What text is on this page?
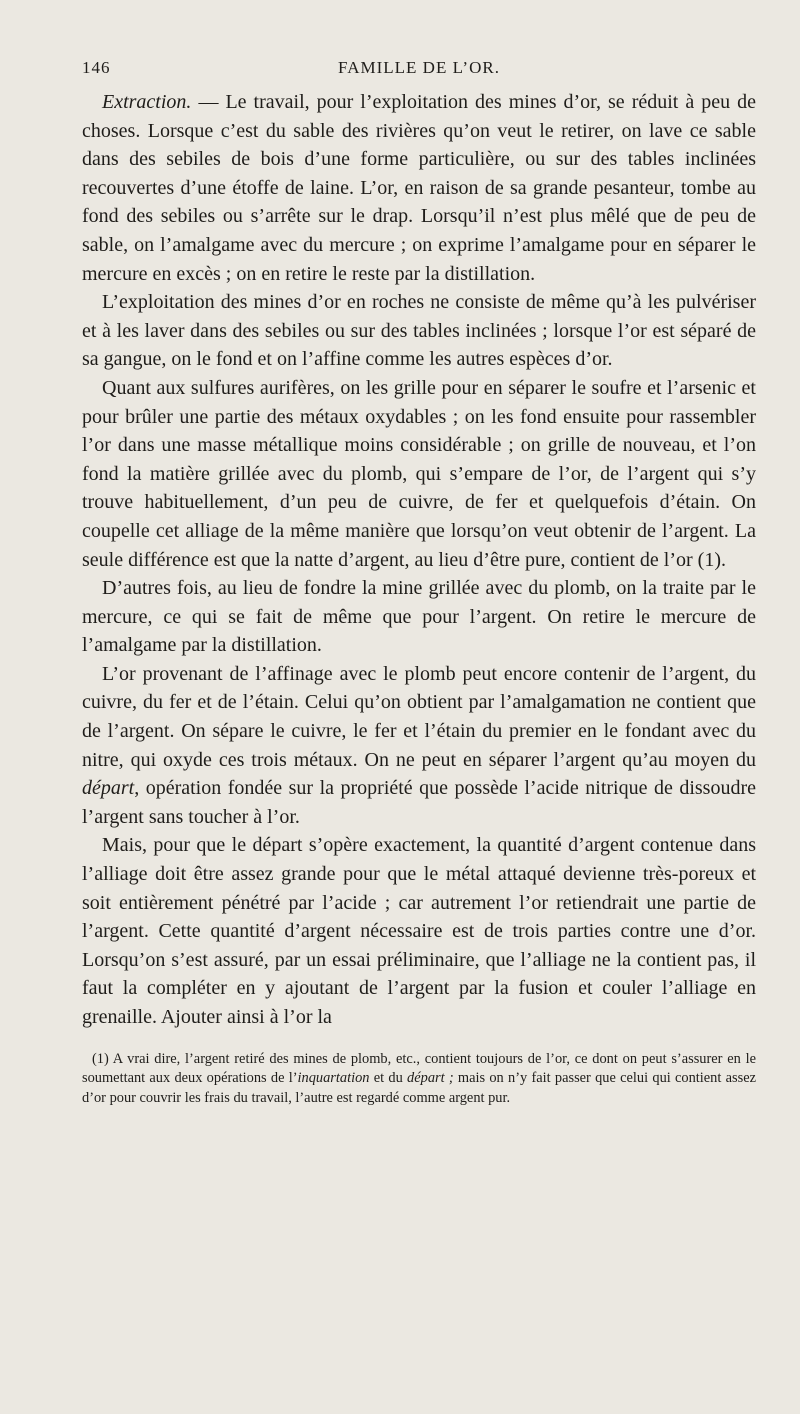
146	FAMILLE DE L’OR.

Extraction. — Le travail, pour l’exploitation des mines d’or, se réduit à peu de choses. Lorsque c’est du sable des rivières qu’on veut le retirer, on lave ce sable dans des sebiles de bois d’une forme particulière, ou sur des tables inclinées recouvertes d’une étoffe de laine. L’or, en raison de sa grande pesanteur, tombe au fond des sebiles ou s’arrête sur le drap. Lorsqu’il n’est plus mêlé que de peu de sable, on l’amalgame avec du mercure ; on exprime l’amalgame pour en séparer le mercure en excès ; on en retire le reste par la distillation.

L’exploitation des mines d’or en roches ne consiste de même qu’à les pulvériser et à les laver dans des sebiles ou sur des tables inclinées ; lorsque l’or est séparé de sa gangue, on le fond et on l’affine comme les autres espèces d’or.

Quant aux sulfures aurifères, on les grille pour en séparer le soufre et l’arsenic et pour brûler une partie des métaux oxydables ; on les fond ensuite pour rassembler l’or dans une masse métallique moins considérable ; on grille de nouveau, et l’on fond la matière grillée avec du plomb, qui s’empare de l’or, de l’argent qui s’y trouve habituellement, d’un peu de cuivre, de fer et quelquefois d’étain. On coupelle cet alliage de la même manière que lorsqu’on veut obtenir de l’argent. La seule différence est que la natte d’argent, au lieu d’être pure, contient de l’or (1).

D’autres fois, au lieu de fondre la mine grillée avec du plomb, on la traite par le mercure, ce qui se fait de même que pour l’argent. On retire le mercure de l’amalgame par la distillation.

L’or provenant de l’affinage avec le plomb peut encore contenir de l’argent, du cuivre, du fer et de l’étain. Celui qu’on obtient par l’amalgamation ne contient que de l’argent. On sépare le cuivre, le fer et l’étain du premier en le fondant avec du nitre, qui oxyde ces trois métaux. On ne peut en séparer l’argent qu’au moyen du départ, opération fondée sur la propriété que possède l’acide nitrique de dissoudre l’argent sans toucher à l’or.

Mais, pour que le départ s’opère exactement, la quantité d’argent contenue dans l’alliage doit être assez grande pour que le métal attaqué devienne très-poreux et soit entièrement pénétré par l’acide ; car autrement l’or retiendrait une partie de l’argent. Cette quantité d’argent nécessaire est de trois parties contre une d’or. Lorsqu’on s’est assuré, par un essai préliminaire, que l’alliage ne la contient pas, il faut la compléter en y ajoutant de l’argent par la fusion et couler l’alliage en grenaille. Ajouter ainsi à l’or la

(1) A vrai dire, l’argent retiré des mines de plomb, etc., contient toujours de l’or, ce dont on peut s’assurer en le soumettant aux deux opérations de l’inquartation et du départ ; mais on n’y fait passer que celui qui contient assez d’or pour couvrir les frais du travail, l’autre est regardé comme argent pur.
